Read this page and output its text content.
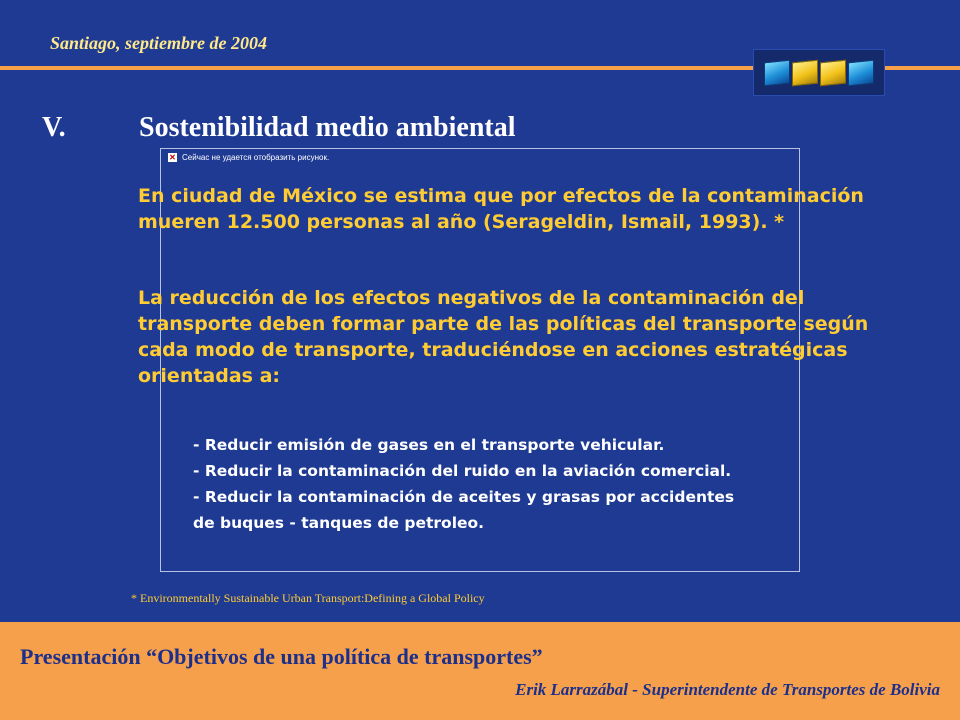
Santiago, septiembre de 2004
V.	Sostenibilidad medio ambiental
✕ Сейчас не удается отобразить рисунок.
En ciudad de México se estima que por efectos de la contaminación mueren 12.500 personas al año (Serageldin, Ismail, 1993). *
La reducción de los efectos negativos de la contaminación del transporte deben formar parte de las políticas del transporte según cada modo de transporte, traduciéndose en acciones estratégicas orientadas a:
- Reducir emisión de gases en el transporte vehicular.
- Reducir la contaminación del ruido en la aviación comercial.
- Reducir la contaminación de aceites y grasas por accidentes
de buques - tanques de petroleo.
* Environmentally Sustainable Urban Transport:Defining a Global Policy
Presentación “Objetivos de una política de transportes”
Erik Larrazábal - Superintendente de Transportes de Bolivia
